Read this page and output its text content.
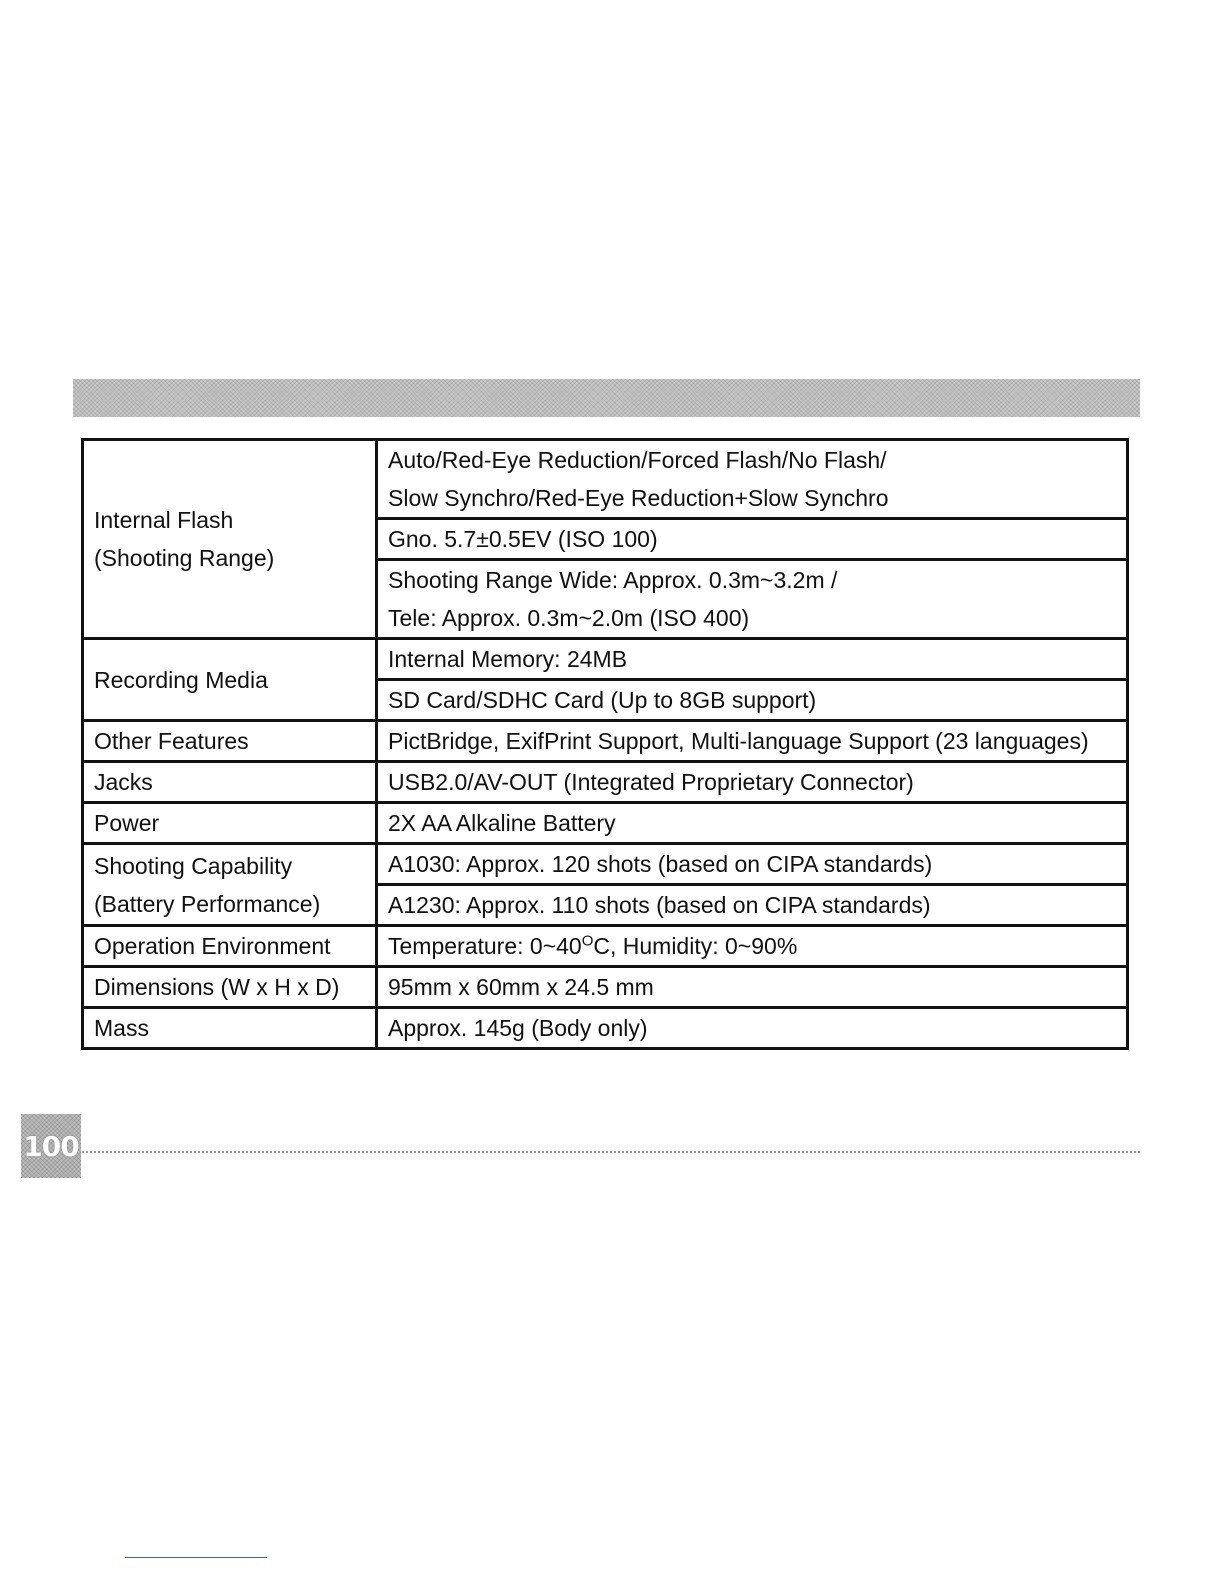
Internal Flash
(Shooting Range)	Auto/Red-Eye Reduction/Forced Flash/No Flash/
Slow Synchro/Red-Eye Reduction+Slow Synchro

	Gno. 5.7±0.5EV (ISO 100)

	Shooting Range Wide: Approx. 0.3m~3.2m /
Tele: Approx. 0.3m~2.0m (ISO 400)

Recording Media	Internal Memory: 24MB
	SD Card/SDHC Card (Up to 8GB support)
Other Features	PictBridge, ExifPrint Support, Multi-language Support (23 languages)
Jacks	USB2.0/AV-OUT (Integrated Proprietary Connector)
Power	2X AA Alkaline Battery

Shooting Capability
(Battery Performance)	A1030: Approx. 120 shots (based on CIPA standards)
	A1230: Approx. 110 shots (based on CIPA standards)
Operation Environment	Temperature: $0\sim 40^OC$, Humidity: 0~90%
Dimensions (W x H x D)	95mm x 60mm x 24.5 mm
Mass	Approx. 145g (Body only)
100
